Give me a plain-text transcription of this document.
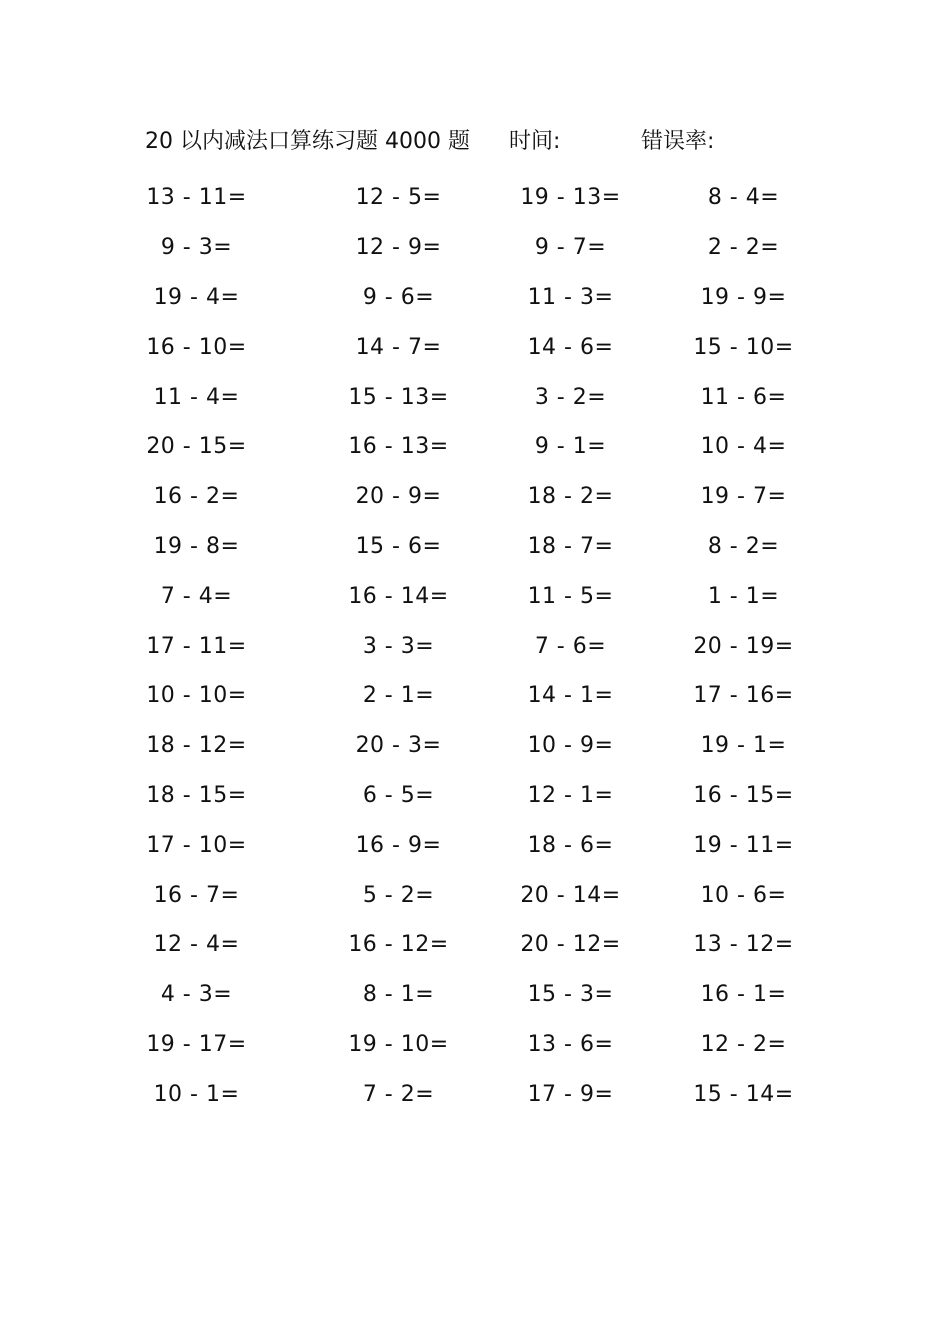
20 以内减法口算练习题 4000 题 时间:	错误率:
13 - 11=	12 - 5=	19 - 13=	8 - 4=
9 - 3=	12 - 9=	9 - 7=	2 - 2=
19 - 4=	9 - 6=	11 - 3=	19 - 9=
16 - 10=	14 - 7=	14 - 6=	15 - 10=
11 - 4=	15 - 13=	3 - 2=	11 - 6=
20 - 15=	16 - 13=	9 - 1=	10 - 4=
16 - 2=	20 - 9=	18 - 2=	19 - 7=
19 - 8=	15 - 6=	18 - 7=	8 - 2=
7 - 4=	16 - 14=	11 - 5=	1 - 1=
17 - 11=	3 - 3=	7 - 6=	20 - 19=
10 - 10=	2 - 1=	14 - 1=	17 - 16=
18 - 12=	20 - 3=	10 - 9=	19 - 1=
18 - 15=	6 - 5=	12 - 1=	16 - 15=
17 - 10=	16 - 9=	18 - 6=	19 - 11=
16 - 7=	5 - 2=	20 - 14=	10 - 6=
12 - 4=	16 - 12=	20 - 12=	13 - 12=
4 - 3=	8 - 1=	15 - 3=	16 - 1=
19 - 17=	19 - 10=	13 - 6=	12 - 2=
10 - 1=	7 - 2=	17 - 9=	15 - 14=
